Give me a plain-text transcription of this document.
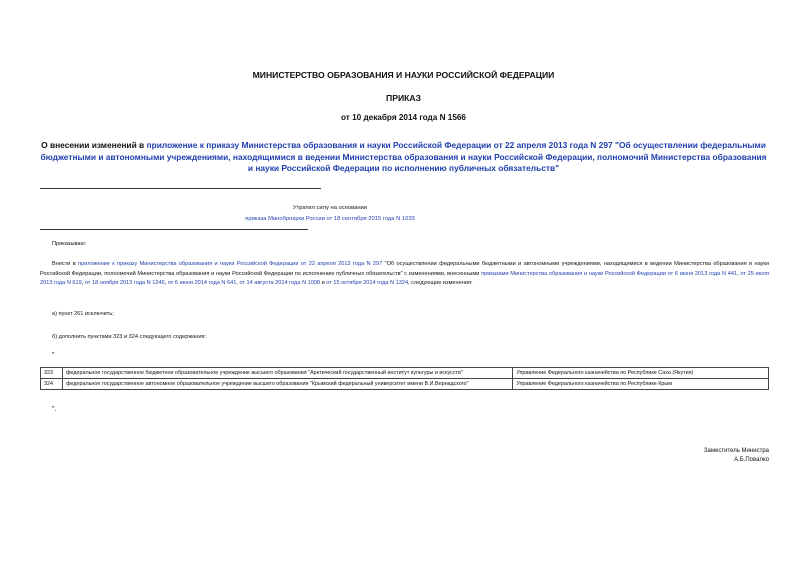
МИНИСТЕРСТВО ОБРАЗОВАНИЯ И НАУКИ РОССИЙСКОЙ ФЕДЕРАЦИИ
ПРИКАЗ
от 10 декабря 2014 года N 1566
О внесении изменений в приложение к приказу Министерства образования и науки Российской Федерации от 22 апреля 2013 года N 297 "Об осуществлении федеральными бюджетными и автономными учреждениями, находящимися в ведении Министерства образования и науки Российской Федерации, полномочий Министерства образования и науки Российской Федерации по исполнению публичных обязательств"
Утратил силу на основании
приказа Минобрнауки России от 18 сентября 2015 года N 1033
Приказываю:
Внести в приложение к приказу Министерства образования и науки Российской Федерации от 22 апреля 2013 года N 297 "Об осуществлении федеральными бюджетными и автономными учреждениями, находящимися в ведении Министерства образования и науки Российской Федерации, полномочий Министерства образования и науки Российской Федерации по исполнению публичных обязательств" с изменениями, внесенными приказами Министерства образования и науки Российской Федерации от 6 июня 2013 года N 441, от 25 июля 2013 года N 619, от 18 ноября 2013 года N 1246, от 6 июня 2014 года N 641, от 14 августа 2014 года N 1008 и от 15 октября 2014 года N 1324, следующие изменения:
а) пункт 261 исключить;
б) дополнить пунктами 323 и 324 следующего содержания:
"
323	федеральное государственное бюджетное образовательное учреждение высшего образования "Арктический государственный институт культуры и искусств"	Управление Федерального казначейства по Республике Саха (Якутия)
324	федеральное государственное автономное образовательное учреждение высшего образования "Крымский федеральный университет имени В.И.Вернадского"	Управление Федерального казначейства по Республике Крым
".
Заместитель Министра
А.Б.Повалко
